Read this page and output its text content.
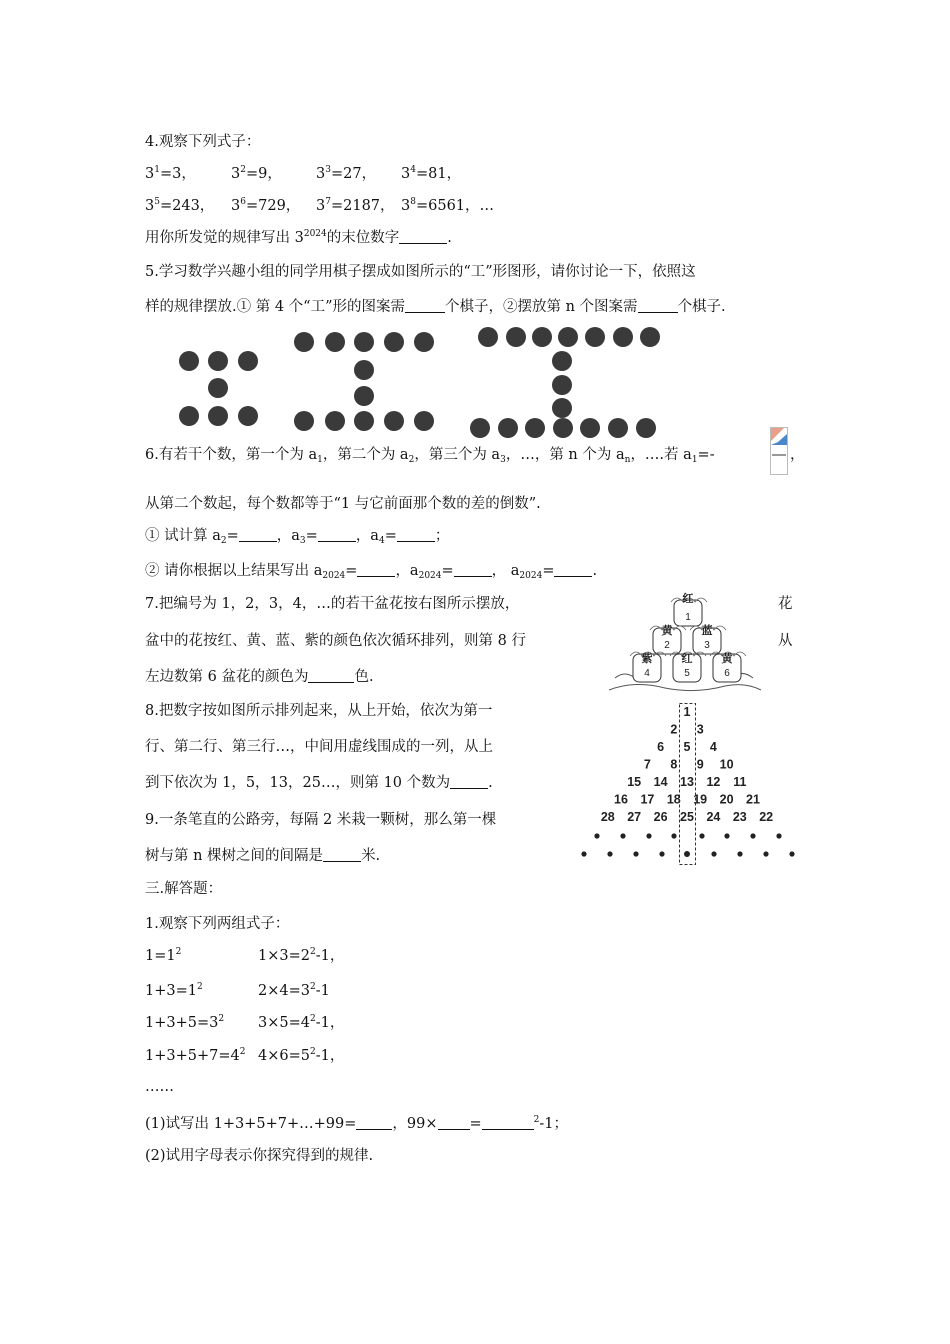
4.观察下列式子：
$3^1=3$， $3^2=9$， $3^3=27$， $3^4=81$，
$3^5=243$， $3^6=729$， $3^7=2187$， $3^8=6561$，…
用你所发觉的规律写出 $3^{2024}$的末位数字	.
5.学习数学兴趣小组的同学用棋子摆成如图所示的“工”形图形，请你讨论一下，依照这
样的规律摆放.① 第 4 个“工”形的图案需	个棋子，②摆放第 n 个图案需	个棋子.
6.有若干个数，第一个为 $a_1$，第二个为 $a_2$，第三个为 $a_3$，…，第 n 个为 $a_n$，….若 $a_1=-$	，
从第二个数起，每个数都等于“1 与它前面那个数的差的倒数”.
① 试计算 $a_2=$	，$a_3=$	，$a_4=$	；
② 请你根据以上结果写出 $a_{2024}=$	，$a_{2024}=$	， $a_{2024}=$	.
7.把编号为 1，2，3，4，…的若干盆花按右图所示摆放，	花
盆中的花按红、黄、蓝、紫的颜色依次循环排列，则第 8 行	从
左边数第 6 盆花的颜色为	色.
红
黄	蓝
紫	红	黄
1
2	3
4	5	6
8.把数字按如图所示排列起来，从上开始，依次为第一
行、第二行、第三行…，中间用虚线围成的一列，从上
到下依次为 1，5，13，25…，则第 10 个数为	.
1
2 3
6 5 4
7 8 9 10
15 14 13 12 11
16 17 18 19 20 21
28 27 26 25 24 23 22
9.一条笔直的公路旁，每隔 2 米栽一颗树，那么第一棵
树与第 n 棵树之间的间隔是	米.
三.解答题：
1.观察下列两组式子：
$1=1^2$	$1\times 3=2^2-1$，
$1+3=1^2$	$2\times 4=3^2-1$
$1+3+5=3^2$ $3\times 5=4^2-1$，
$1+3+5+7=4^2$ $4\times 6=5^2-1$，
……
(1)试写出 1+3+5+7+…+99= ，99× =	$^2$-1；
(2)试用字母表示你探究得到的规律.
